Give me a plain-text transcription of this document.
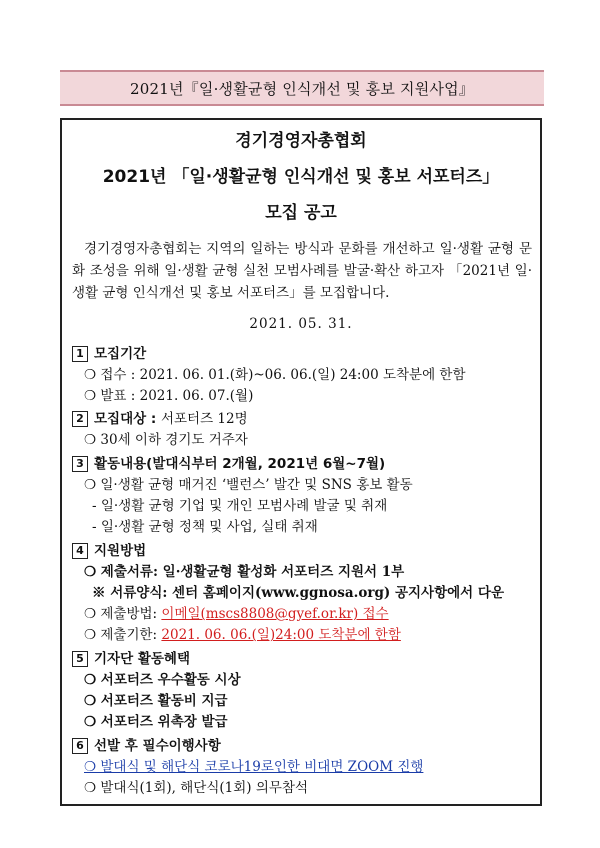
2021년『일·생활균형 인식개선 및 홍보 지원사업』
경기경영자총협회
2021년 「일·생활균형 인식개선 및 홍보 서포터즈」
모집 공고
경기경영자총협회는 지역의 일하는 방식과 문화를 개선하고 일·생활 균형 문화 조성을 위해 일·생활 균형 실천 모범사례를 발굴·확산 하고자 「2021년 일·생활 균형 인식개선 및 홍보 서포터즈」를 모집합니다.
2021. 05. 31.
1 모집기간
❍ 접수 : 2021. 06. 01.(화)~06. 06.(일) 24:00 도착분에 한함
❍ 발표 : 2021. 06. 07.(월)
2 모집대상 : 서포터즈 12명
❍ 30세 이하 경기도 거주자
3 활동내용(발대식부터 2개월, 2021년 6월~7월)
❍ 일·생활 균형 매거진 ‘밸런스’ 발간 및 SNS 홍보 활동
- 일·생활 균형 기업 및 개인 모범사례 발굴 및 취재
- 일·생활 균형 정책 및 사업, 실태 취재
4 지원방법
❍ 제출서류: 일·생활균형 활성화 서포터즈 지원서 1부
※ 서류양식: 센터 홈페이지(www.ggnosa.org) 공지사항에서 다운
❍ 제출방법: 이메일(mscs8808@gyef.or.kr) 접수
❍ 제출기한: 2021. 06. 06.(일)24:00 도착분에 한함
5 기자단 활동혜택
❍ 서포터즈 우수활동 시상
❍ 서포터즈 활동비 지급
❍ 서포터즈 위촉장 발급
6 선발 후 필수이행사항
❍ 발대식 및 해단식 코로나19로인한 비대면 ZOOM 진행
❍ 발대식(1회), 해단식(1회) 의무참석
